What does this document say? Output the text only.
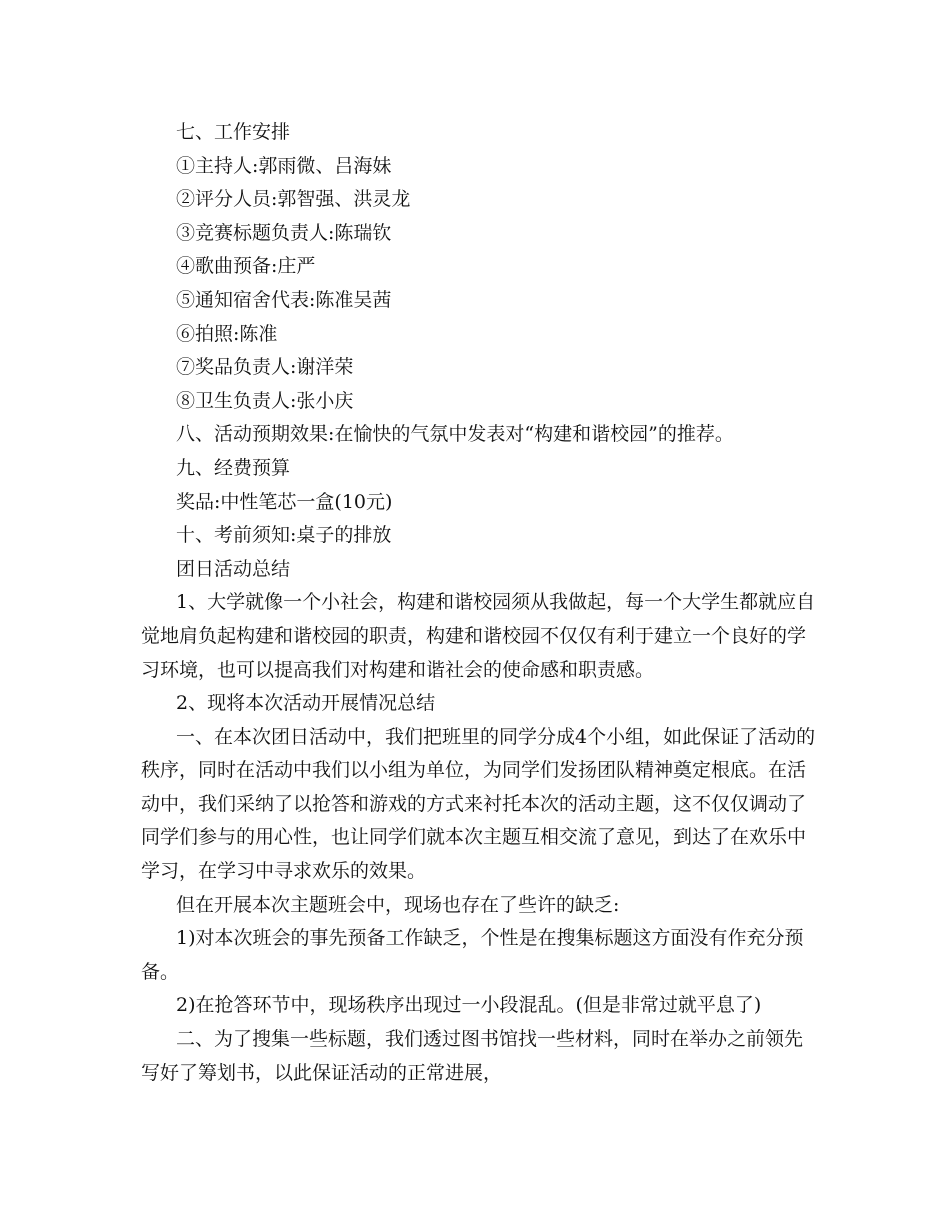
七、工作安排
①主持人:郭雨微、吕海妹
②评分人员:郭智强、洪灵龙
③竞赛标题负责人:陈瑞钦
④歌曲预备:庄严
⑤通知宿舍代表:陈准吴茜
⑥拍照:陈准
⑦奖品负责人:谢洋荣
⑧卫生负责人:张小庆
八、活动预期效果:在愉快的气氛中发表对“构建和谐校园”的推荐。
九、经费预算
奖品:中性笔芯一盒(10元)
十、考前须知:桌子的排放
团日活动总结

1、大学就像一个小社会，构建和谐校园须从我做起，每一个大学生都就应自觉地肩负起构建和谐校园的职责，构建和谐校园不仅仅有利于建立一个良好的学习环境，也可以提高我们对构建和谐社会的使命感和职责感。

2、现将本次活动开展情况总结

一、在本次团日活动中，我们把班里的同学分成4个小组，如此保证了活动的秩序，同时在活动中我们以小组为单位，为同学们发扬团队精神奠定根底。在活动中，我们采纳了以抢答和游戏的方式来衬托本次的活动主题，这不仅仅调动了同学们参与的用心性，也让同学们就本次主题互相交流了意见，到达了在欢乐中学习，在学习中寻求欢乐的效果。

但在开展本次主题班会中，现场也存在了些许的缺乏:

1)对本次班会的事先预备工作缺乏，个性是在搜集标题这方面没有作充分预备。

2)在抢答环节中，现场秩序出现过一小段混乱。(但是非常过就平息了)

二、为了搜集一些标题，我们透过图书馆找一些材料，同时在举办之前领先写好了筹划书，以此保证活动的正常进展，
